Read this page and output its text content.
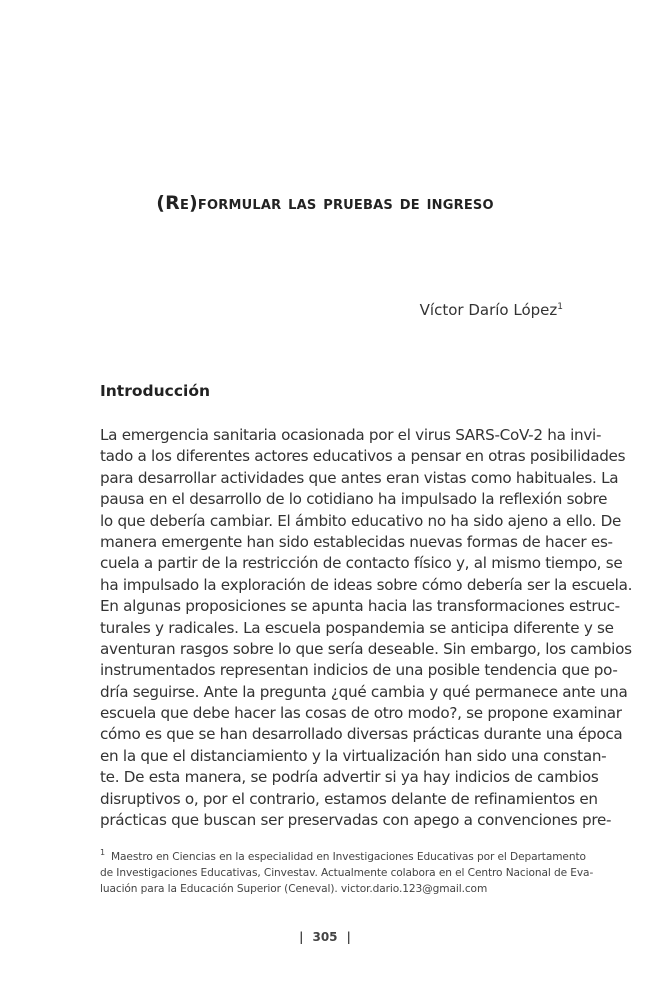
(Re)formular las pruebas de ingreso
Víctor Darío López$^1$
Introducción
La emergencia sanitaria ocasionada por el virus SARS-CoV-2 ha invi-
tado a los diferentes actores educativos a pensar en otras posibilidades
para desarrollar actividades que antes eran vistas como habituales. La
pausa en el desarrollo de lo cotidiano ha impulsado la reflexión sobre
lo que debería cambiar. El ámbito educativo no ha sido ajeno a ello. De
manera emergente han sido establecidas nuevas formas de hacer es-
cuela a partir de la restricción de contacto físico y, al mismo tiempo, se
ha impulsado la exploración de ideas sobre cómo debería ser la escuela.
En algunas proposiciones se apunta hacia las transformaciones estruc-
turales y radicales. La escuela pospandemia se anticipa diferente y se
aventuran rasgos sobre lo que sería deseable. Sin embargo, los cambios
instrumentados representan indicios de una posible tendencia que po-
dría seguirse. Ante la pregunta ¿qué cambia y qué permanece ante una
escuela que debe hacer las cosas de otro modo?, se propone examinar
cómo es que se han desarrollado diversas prácticas durante una época
en la que el distanciamiento y la virtualización han sido una constan-
te. De esta manera, se podría advertir si ya hay indicios de cambios
disruptivos o, por el contrario, estamos delante de refinamientos en
prácticas que buscan ser preservadas con apego a convenciones pre-
$^1$ Maestro en Ciencias en la especialidad en Investigaciones Educativas por el Departamento
de Investigaciones Educativas, Cinvestav. Actualmente colabora en el Centro Nacional de Eva-
luación para la Educación Superior (Ceneval). victor.dario.123@gmail.com
| 305 |
